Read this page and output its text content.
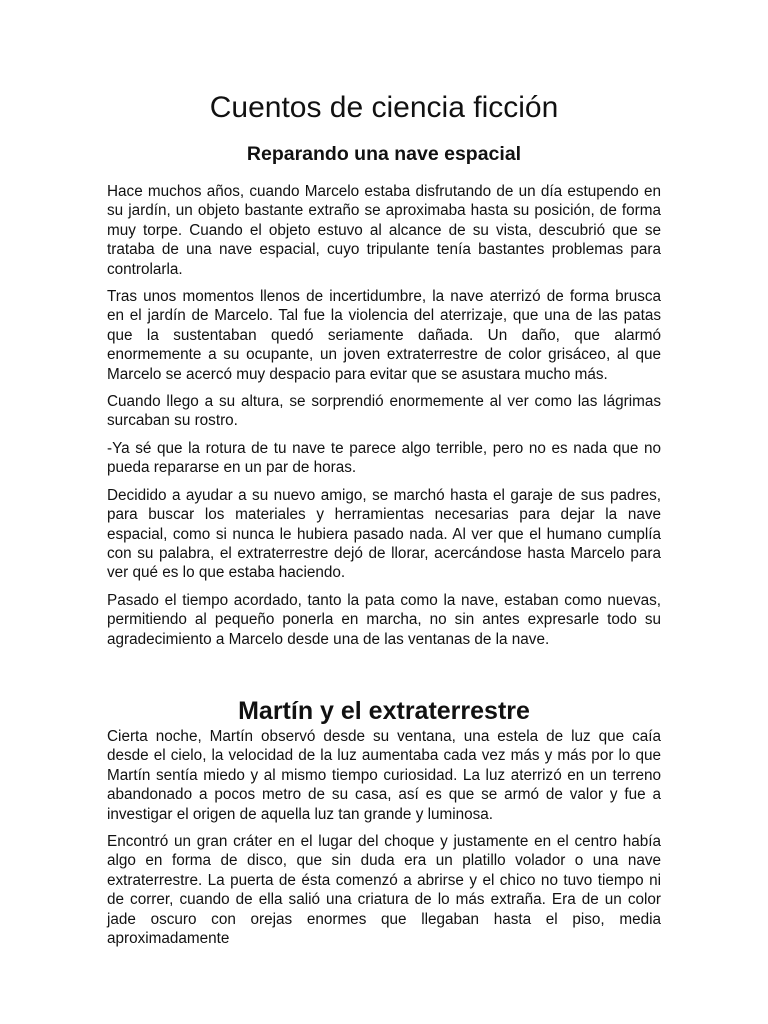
Cuentos de ciencia ficción
Reparando una nave espacial

Hace muchos años, cuando Marcelo estaba disfrutando de un día estupendo en su jardín, un objeto bastante extraño se aproximaba hasta su posición, de forma muy torpe. Cuando el objeto estuvo al alcance de su vista, descubrió que se trataba de una nave espacial, cuyo tripulante tenía bastantes problemas para controlarla.

Tras unos momentos llenos de incertidumbre, la nave aterrizó de forma brusca en el jardín de Marcelo. Tal fue la violencia del aterrizaje, que una de las patas que la sustentaban quedó seriamente dañada. Un daño, que alarmó enormemente a su ocupante, un joven extraterrestre de color grisáceo, al que Marcelo se acercó muy despacio para evitar que se asustara mucho más.

Cuando llego a su altura, se sorprendió enormemente al ver como las lágrimas surcaban su rostro.

-Ya sé que la rotura de tu nave te parece algo terrible, pero no es nada que no pueda repararse en un par de horas.

Decidido a ayudar a su nuevo amigo, se marchó hasta el garaje de sus padres, para buscar los materiales y herramientas necesarias para dejar la nave espacial, como si nunca le hubiera pasado nada. Al ver que el humano cumplía con su palabra, el extraterrestre dejó de llorar, acercándose hasta Marcelo para ver qué es lo que estaba haciendo.

Pasado el tiempo acordado, tanto la pata como la nave, estaban como nuevas, permitiendo al pequeño ponerla en marcha, no sin antes expresarle todo su agradecimiento a Marcelo desde una de las ventanas de la nave.

Martín y el extraterrestre

Cierta noche, Martín observó desde su ventana, una estela de luz que caía desde el cielo, la velocidad de la luz aumentaba cada vez más y más por lo que Martín sentía miedo y al mismo tiempo curiosidad. La luz aterrizó en un terreno abandonado a pocos metro de su casa, así es que se armó de valor y fue a investigar el origen de aquella luz tan grande y luminosa.

Encontró un gran cráter en el lugar del choque y justamente en el centro había algo en forma de disco, que sin duda era un platillo volador o una nave extraterrestre. La puerta de ésta comenzó a abrirse y el chico no tuvo tiempo ni de correr, cuando de ella salió una criatura de lo más extraña. Era de un color jade oscuro con orejas enormes que llegaban hasta el piso, media aproximadamente
